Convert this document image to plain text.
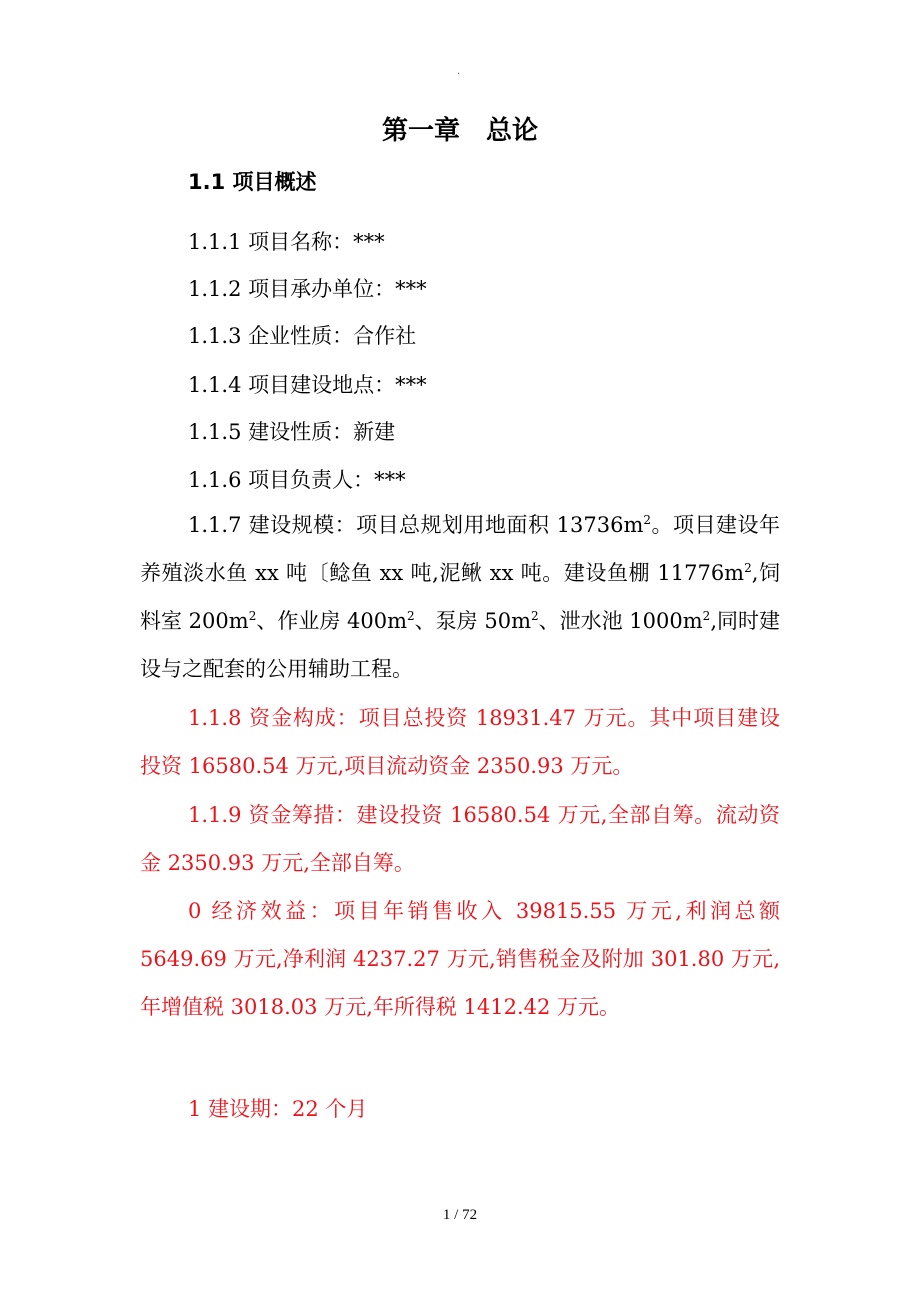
.
第一章　总论
1.1 项目概述
1.1.1 项目名称：***
1.1.2 项目承办单位：***
1.1.3 企业性质：合作社
1.1.4 项目建设地点：***
1.1.5 建设性质：新建
1.1.6 项目负责人：***
1.1.7 建设规模：项目总规划用地面积 $13736m^2$。项目建设年养殖淡水鱼 xx 吨〔鲶鱼 xx 吨,泥鳅 xx 吨。建设鱼棚 $11776m^2$,饲料室 $200m^2$、作业房 $400m^2$、泵房 $50m^2$、泄水池 $1000m^2$,同时建设与之配套的公用辅助工程。
1.1.8 资金构成：项目总投资 18931.47 万元。其中项目建设投资 16580.54 万元,项目流动资金 2350.93 万元。
1.1.9 资金筹措：建设投资 16580.54 万元,全部自筹。流动资金 2350.93 万元,全部自筹。
0 经济效益：项目年销售收入 39815.55 万元,利润总额 5649.69 万元,净利润 4237.27 万元,销售税金及附加 301.80 万元,年增值税 3018.03 万元,年所得税 1412.42 万元。
1 建设期：22 个月
1 / 72
